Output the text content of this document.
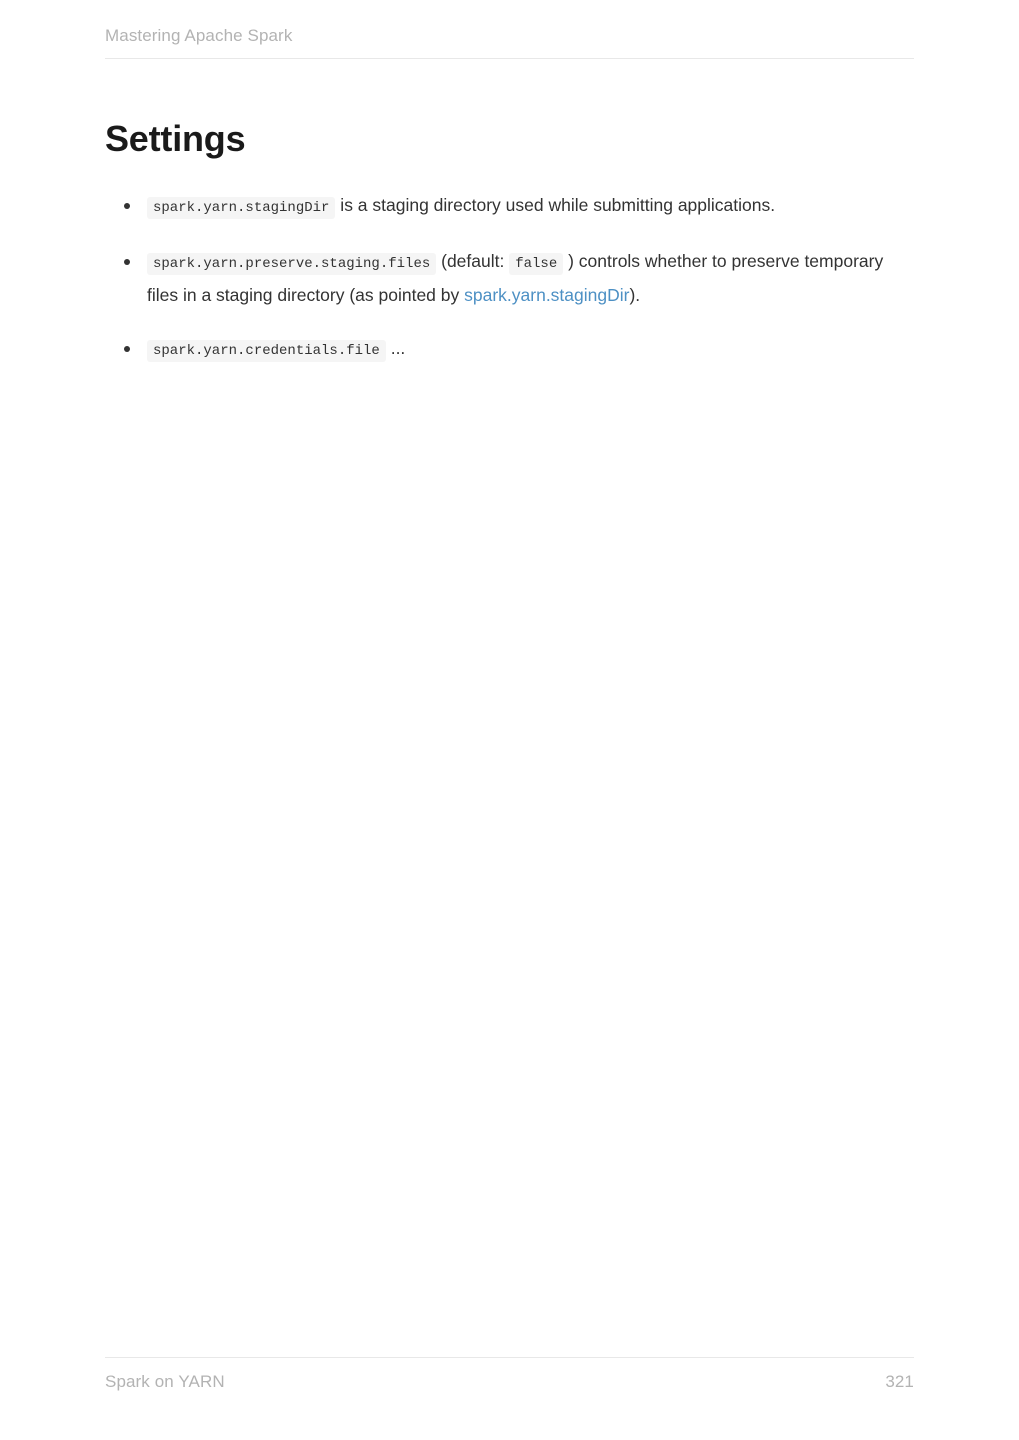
Mastering Apache Spark
Settings
spark.yarn.stagingDir is a staging directory used while submitting applications.
spark.yarn.preserve.staging.files (default: false ) controls whether to preserve temporary files in a staging directory (as pointed by spark.yarn.stagingDir).
spark.yarn.credentials.file ...
Spark on YARN	321
